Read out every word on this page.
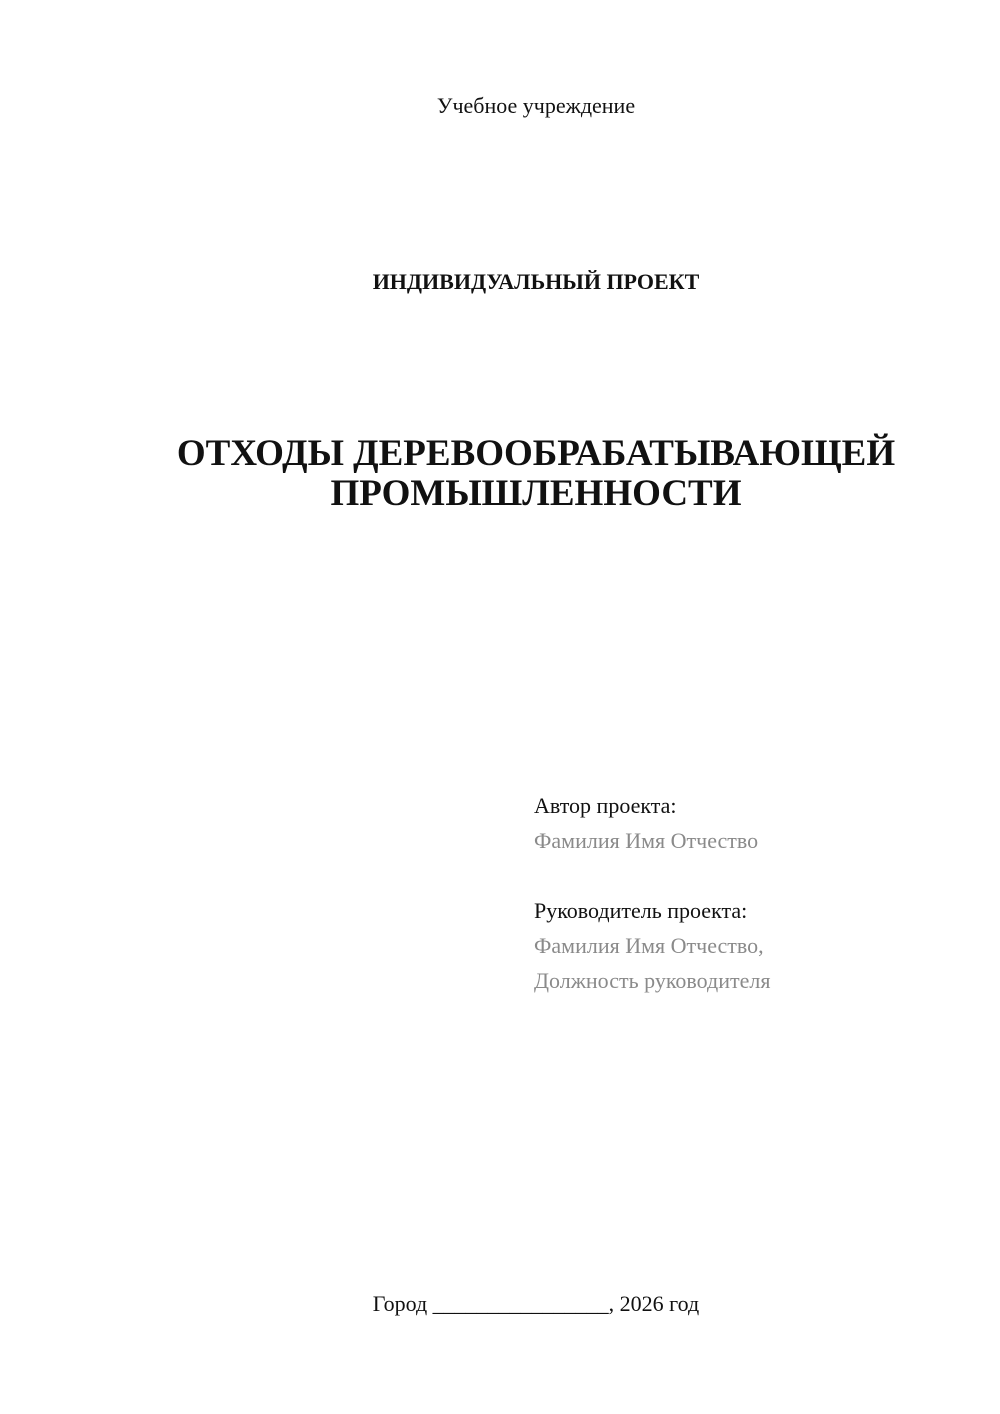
Учебное учреждение
ИНДИВИДУАЛЬНЫЙ ПРОЕКТ
ОТХОДЫ ДЕРЕВООБРАБАТЫВАЮЩЕЙ
ПРОМЫШЛЕННОСТИ
Автор проекта:
Фамилия Имя Отчество
Руководитель проекта:
Фамилия Имя Отчество,
Должность руководителя
Город ________________, 2026 год
